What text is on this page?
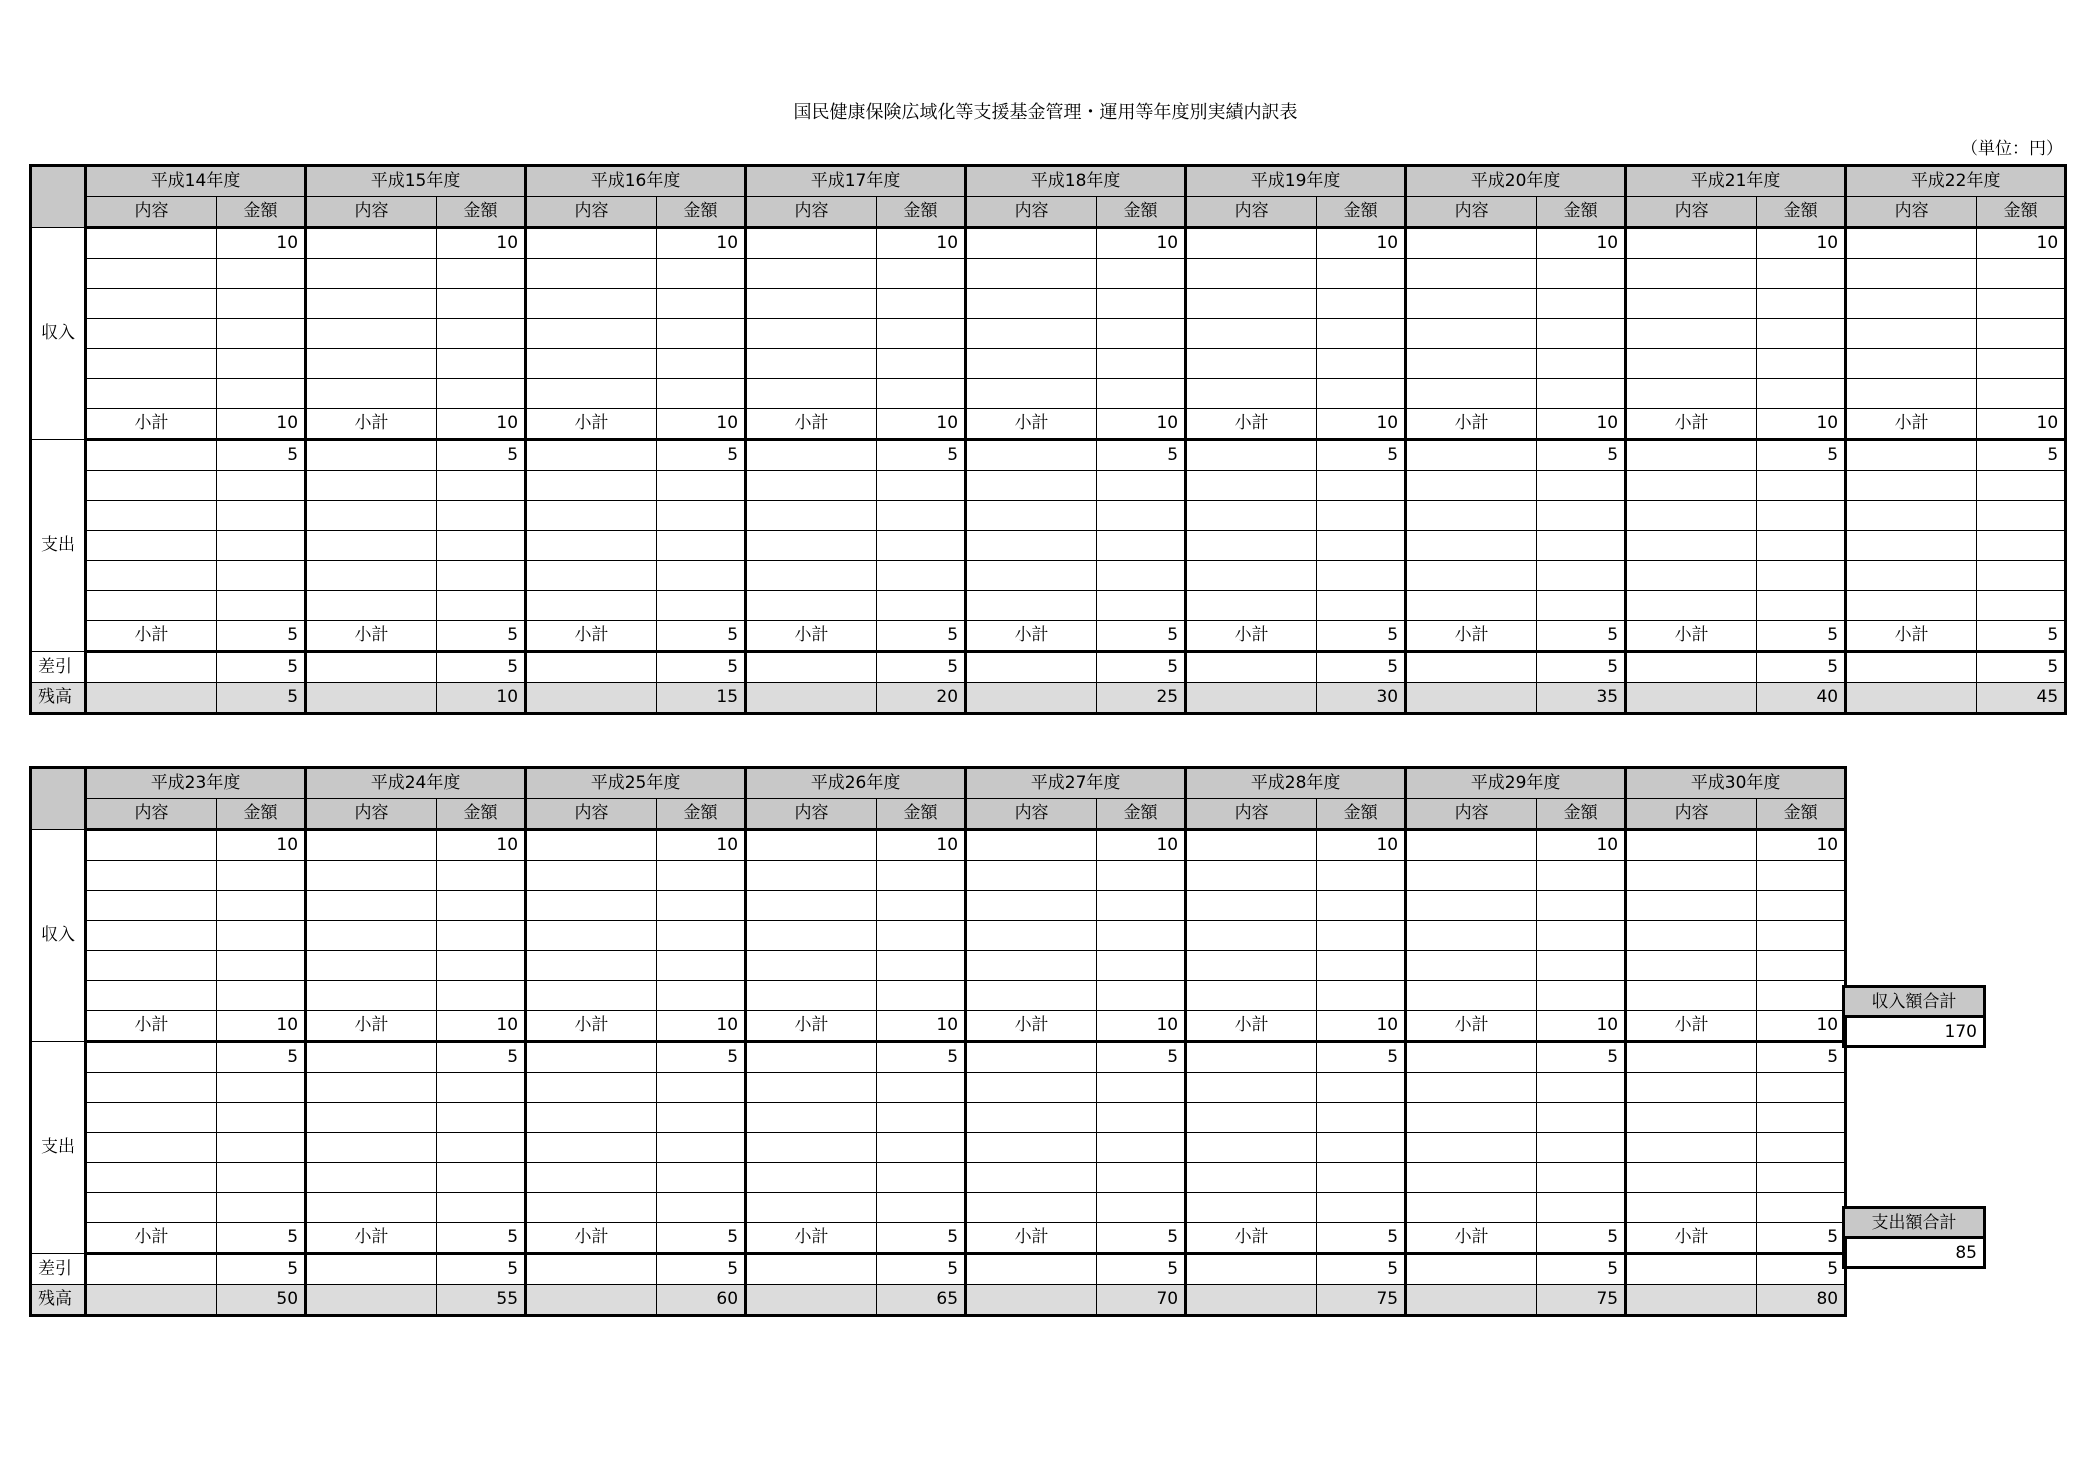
国民健康保険広域化等支援基金管理・運用等年度別実績内訳表
（単位：円）
	平成14年度		平成15年度		平成16年度		平成17年度		平成18年度		平成19年度		平成20年度		平成21年度		平成22年度	
	内容	金額	内容	金額	内容	金額	内容	金額	内容	金額	内容	金額	内容	金額	内容	金額	内容	金額
収入		10		10		10		10		10		10		10		10		10

	小計	10	小計	10	小計	10	小計	10	小計	10	小計	10	小計	10	小計	10	小計	10
支出		5		5		5		5		5		5		5		5		5

	小計	5	小計	5	小計	5	小計	5	小計	5	小計	5	小計	5	小計	5	小計	5
差引		5		5		5		5		5		5		5		5		5
残高		5		10		15		20		25		30		35		40		45
	平成23年度		平成24年度		平成25年度		平成26年度		平成27年度		平成28年度		平成29年度		平成30年度	
	内容	金額	内容	金額	内容	金額	内容	金額	内容	金額	内容	金額	内容	金額	内容	金額
収入		10		10		10		10		10		10		10		10

	小計	10	小計	10	小計	10	小計	10	小計	10	小計	10	小計	10	小計	10
支出		5		5		5		5		5		5		5		5

	小計	5	小計	5	小計	5	小計	5	小計	5	小計	5	小計	5	小計	5
差引		5		5		5		5		5		5		5		5
残高		50		55		60		65		70		75		75		80
収入額合計
170
支出額合計
85
